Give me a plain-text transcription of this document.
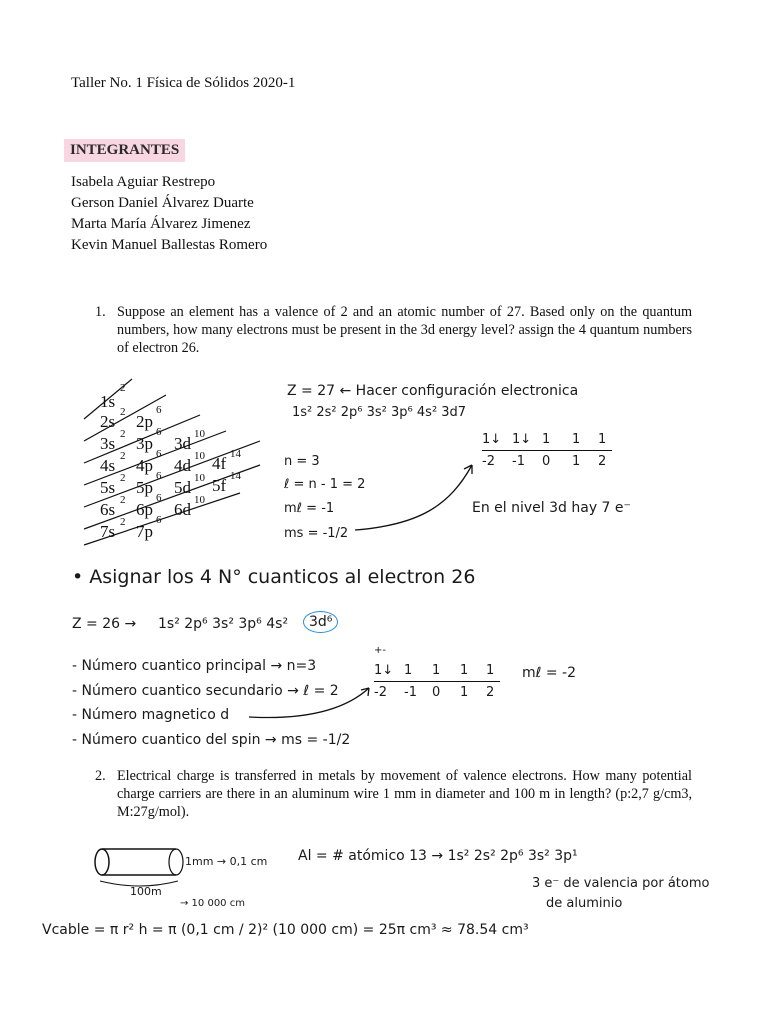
Taller No. 1 Física de Sólidos 2020-1
INTEGRANTES
Isabela Aguiar Restrepo
Gerson Daniel Álvarez Duarte
Marta María Álvarez Jimenez
Kevin Manuel Ballestas Romero
1. Suppose an element has a valence of 2 and an atomic number of 27. Based only on the quantum numbers, how many electrons must be present in the 3d energy level? assign the 4 quantum numbers of electron 26.
1s
2
2s 2 2p
6
3s 2 3p
6
3d 10
4s 2 4p
6
4d 10 4f 14
5s 2 5p
6
5d 10 5f 14
6s 2 6p
6
6d 10
7s 2 7p
6
Z = 27 ← Hacer configuración electronica
1s² 2s² 2p⁶ 3s² 3p⁶ 4s² 3d7
n = 3
ℓ = n - 1 = 2
mℓ = -1
ms = -1/2
1↓ 1↓ 1 1 1
-2 -1 0 1 2
En el nivel 3d hay 7 e⁻
• Asignar los 4 N° cuanticos al electron 26
Z = 26 → 1s² 2p⁶ 3s² 3p⁶ 4s²	3d⁶
- Número cuantico principal → n=3
- Número cuantico secundario → ℓ = 2
- Número magnetico d
- Número cuantico del spin → ms = -1/2
+-
1↓ 1 1 1 1
-2 -1 0 1 2
mℓ = -2
2. Electrical charge is transferred in metals by movement of valence electrons. How many potential charge carriers are there in an aluminum wire 1 mm in diameter and 100 m in length? (p:2,7 g/cm3, M:27g/mol).
1mm → 0,1 cm
100m
→ 10 000 cm
Al = # atómico 13 → 1s² 2s² 2p⁶ 3s² 3p¹
3 e⁻ de valencia por átomo
de aluminio
Vcable = π r² h = π (0,1 cm / 2)² (10 000 cm) = 25π cm³ ≈ 78.54 cm³
